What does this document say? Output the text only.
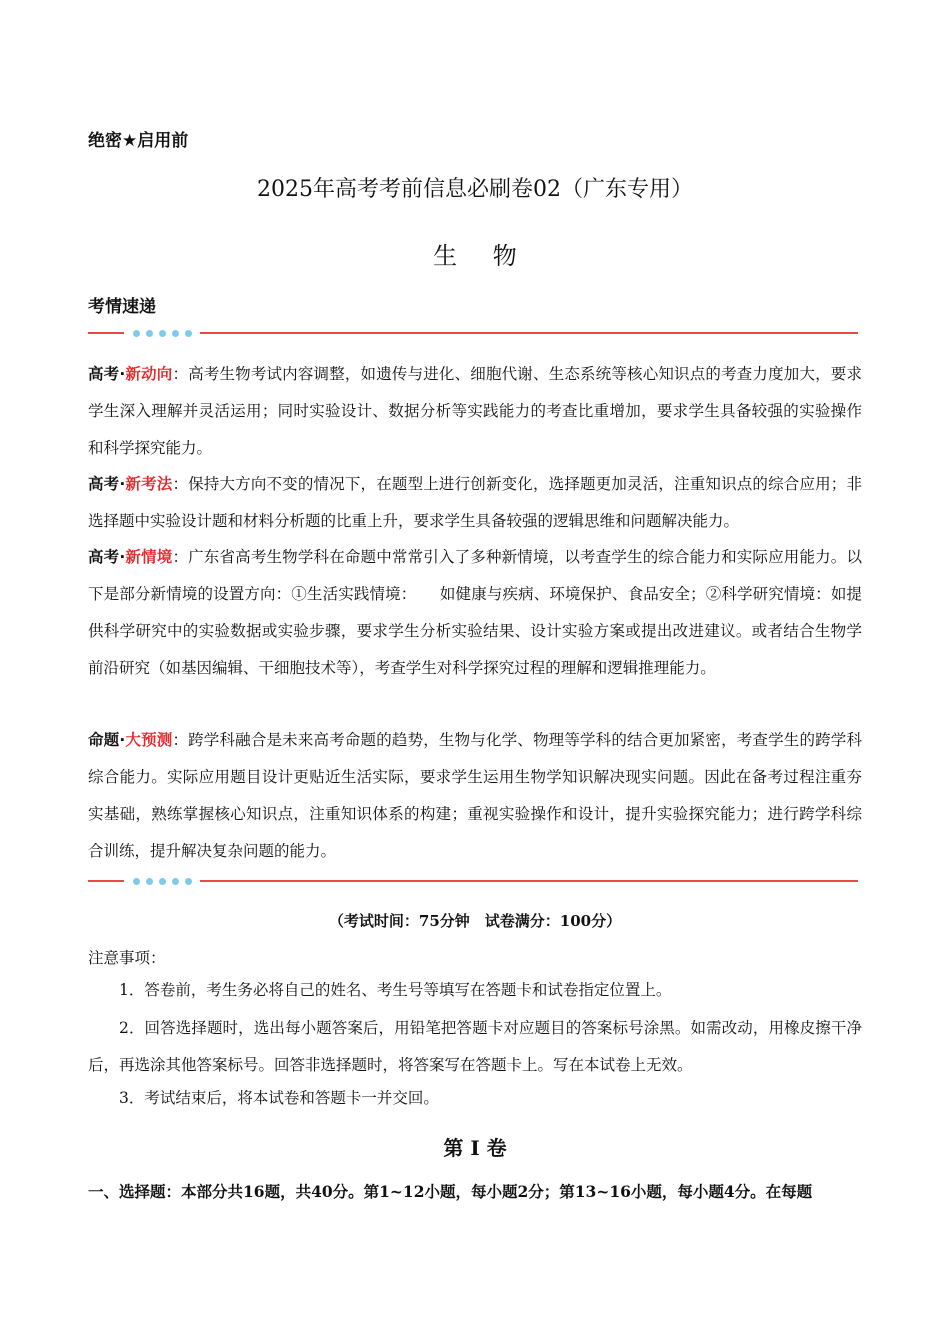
绝密★启用前
2025年高考考前信息必刷卷02（广东专用）
生 物
考情速递
高考·新动向：高考生物考试内容调整，如遗传与进化、细胞代谢、生态系统等核心知识点的考查力度加大，要求学生深入理解并灵活运用；同时实验设计、数据分析等实践能力的考查比重增加，要求学生具备较强的实验操作和科学探究能力。
高考·新考法：保持大方向不变的情况下，在题型上进行创新变化，选择题更加灵活，注重知识点的综合应用；非选择题中实验设计题和材料分析题的比重上升，要求学生具备较强的逻辑思维和问题解决能力。
高考·新情境：广东省高考生物学科在命题中常常引入了多种新情境，以考查学生的综合能力和实际应用能力。以下是部分新情境的设置方向：①生活实践情境：　　如健康与疾病、环境保护、食品安全；②科学研究情境：如提供科学研究中的实验数据或实验步骤，要求学生分析实验结果、设计实验方案或提出改进建议。或者结合生物学前沿研究（如基因编辑、干细胞技术等），考查学生对科学探究过程的理解和逻辑推理能力。
命题·大预测：跨学科融合是未来高考命题的趋势，生物与化学、物理等学科的结合更加紧密，考查学生的跨学科综合能力。实际应用题目设计更贴近生活实际，要求学生运用生物学知识解决现实问题。因此在备考过程注重夯实基础，熟练掌握核心知识点，注重知识体系的构建；重视实验操作和设计，提升实验探究能力；进行跨学科综合训练，提升解决复杂问题的能力。
（考试时间：75分钟　试卷满分：100分）
注意事项：
1．答卷前，考生务必将自己的姓名、考生号等填写在答题卡和试卷指定位置上。
2．回答选择题时，选出每小题答案后，用铅笔把答题卡对应题目的答案标号涂黑。如需改动，用橡皮擦干净后，再选涂其他答案标号。回答非选择题时，将答案写在答题卡上。写在本试卷上无效。
3．考试结束后，将本试卷和答题卡一并交回。
第 I 卷
一、选择题：本部分共16题，共40分。第1~12小题，每小题2分；第13~16小题，每小题4分。在每题
